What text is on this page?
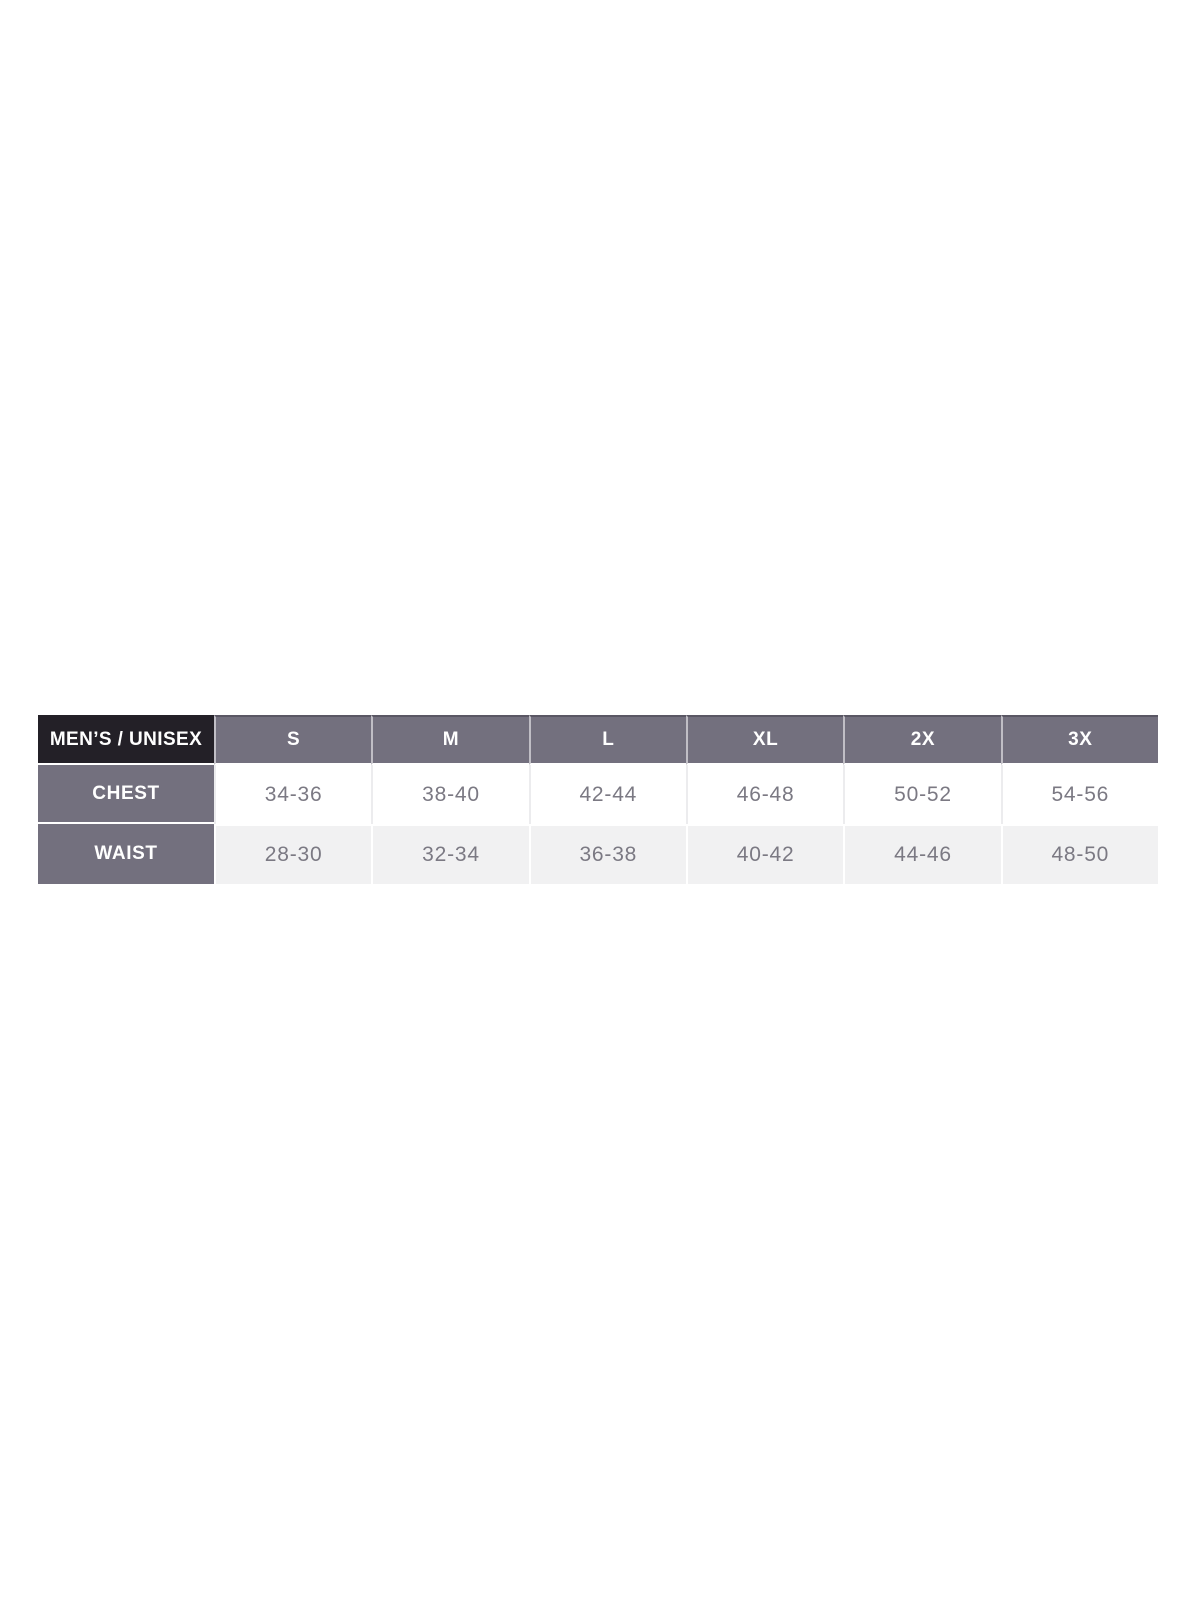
MEN’S / UNISEX	S	M	L	XL	2X	3X
CHEST	34-36	38-40	42-44	46-48	50-52	54-56
WAIST	28-30	32-34	36-38	40-42	44-46	48-50
